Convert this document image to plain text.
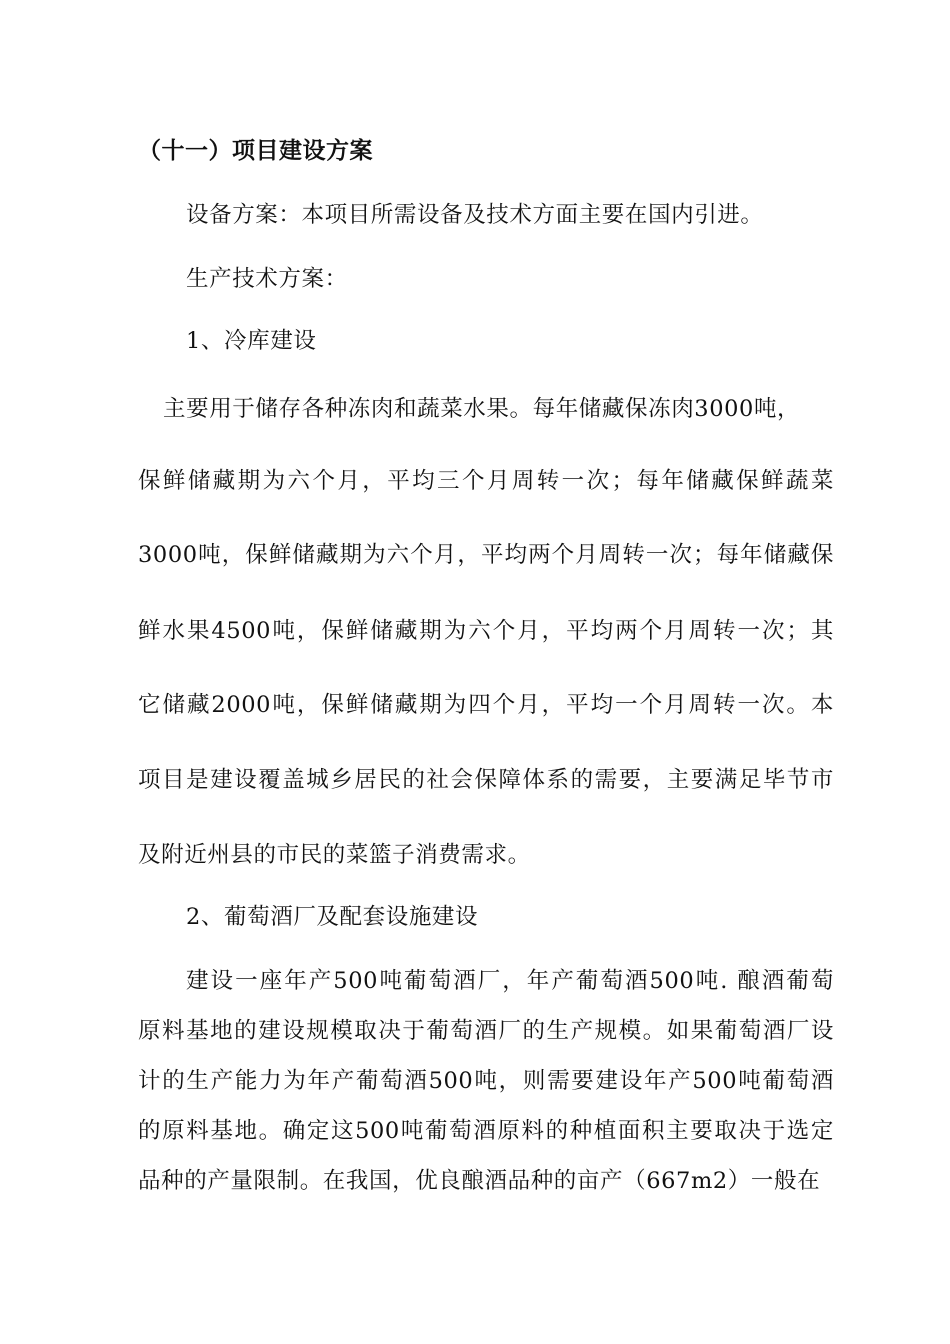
（十一）项目建设方案
设备方案：本项目所需设备及技术方面主要在国内引进。
生产技术方案：
1、冷库建设
主要用于储存各种冻肉和蔬菜水果。每年储藏保冻肉3000吨，
保鲜储藏期为六个月，平均三个月周转一次；每年储藏保鲜蔬菜
3000吨，保鲜储藏期为六个月，平均两个月周转一次；每年储藏保
鲜水果4500吨，保鲜储藏期为六个月，平均两个月周转一次；其
它储藏2000吨，保鲜储藏期为四个月，平均一个月周转一次。本
项目是建设覆盖城乡居民的社会保障体系的需要，主要满足毕节市
及附近州县的市民的菜篮子消费需求。
2、葡萄酒厂及配套设施建设
建设一座年产500吨葡萄酒厂，年产葡萄酒500吨. 酿酒葡萄
原料基地的建设规模取决于葡萄酒厂的生产规模。如果葡萄酒厂设
计的生产能力为年产葡萄酒500吨，则需要建设年产500吨葡萄酒
的原料基地。确定这500吨葡萄酒原料的种植面积主要取决于选定
品种的产量限制。在我国，优良酿酒品种的亩产（667m2）一般在
